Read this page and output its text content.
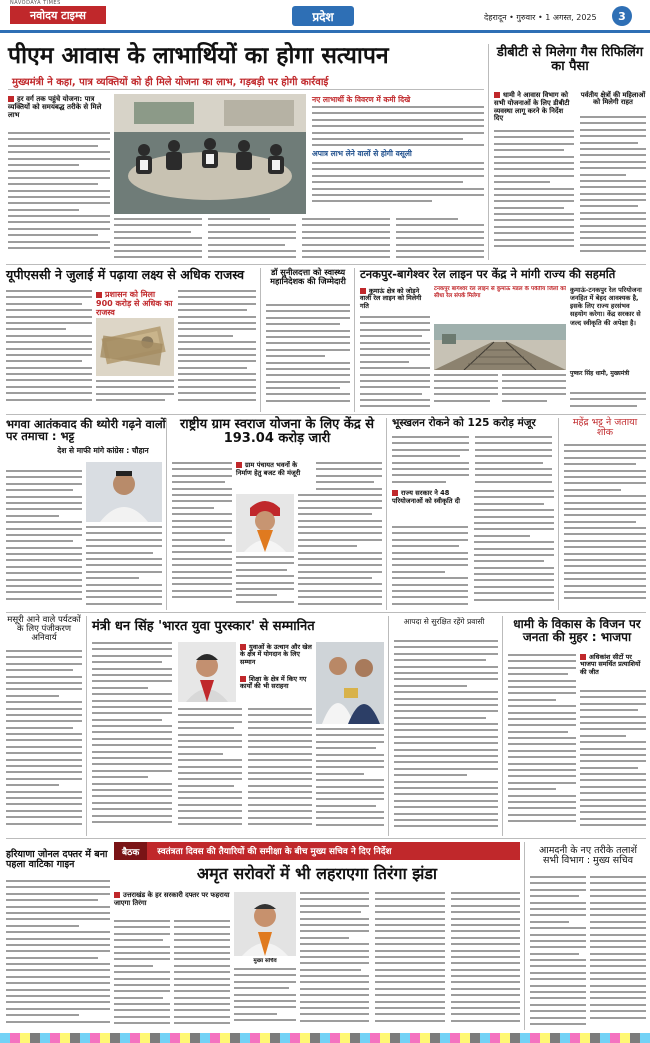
NAVODAYA TIMES
नवोदय टाइम्स	प्रदेश	देहरादून • गुरुवार • 1 अगस्त, 2025	3
पीएम आवास के लाभार्थियों का होगा सत्यापन
मुख्यमंत्री ने कहा, पात्र व्यक्तियों को ही मिले योजना का लाभ, गड़बड़ी पर होगी कार्रवाई
हर वर्ग तक पहुंचे योजना: पात्र व्यक्तियों को समयबद्ध तरीके से मिले लाभ
नए लाभार्थी के विवरण में कमी दिखे
अपात्र लाभ लेने वालों से होगी वसूली
डीबीटी से मिलेगा गैस रिफिलिंग का पैसा
धामी ने आवास विभाग को सभी योजनाओं के लिए डीबीटी व्यवस्था लागू करने के निर्देश दिए
पर्वतीय क्षेत्रों की महिलाओं को मिलेगी राहत
यूपीएससी ने जुलाई में पढ़ाया लक्ष्य से अधिक राजस्व
प्रशासन को मिला 900 करोड़ से अधिक का राजस्व
डॉ सुनीलदत्ता को स्वास्थ्य महानिदेशक की जिम्मेदारी	टनकपुर-बागेश्वर रेल लाइन पर केंद्र ने मांगी राज्य की सहमति
कुमाऊं क्षेत्र को जोड़ने वाली रेल लाइन को मिलेगी गति
टनकपुर बागेश्वर रेल लाइन से कुमाऊं मंडल के पर्वतीय जिलों को सीधा रेल संपर्क मिलेगा
कुमाऊं-टनकपुर रेल परियोजना जनहित में बेहद आवश्यक है, इसके लिए राज्य हरसंभव सहयोग करेगा। केंद्र सरकार से जल्द स्वीकृति की अपेक्षा है।
पुष्कर सिंह धामी, मुख्यमंत्री
भगवा आतंकवाद की थ्योरी गढ़ने वालों पर तमाचा : भट्ट
देश से माफी मांगे कांग्रेस : चौहान
राष्ट्रीय ग्राम स्वराज योजना के लिए केंद्र से 193.04 करोड़ जारी
ग्राम पंचायत भवनों के निर्माण हेतु बजट की मंजूरी
भूस्खलन रोकने को 125 करोड़ मंजूर
राज्य सरकार ने 48 परियोजनाओं को स्वीकृति दी
महेंद्र भट्ट ने जताया शोक
मसूरी आने वाले पर्यटकों के लिए पंजीकरण अनिवार्य
मंत्री धन सिंह 'भारत युवा पुरस्कार' से सम्मानित
युवाओं के उत्थान और खेल के क्षेत्र में योगदान के लिए सम्मान
शिक्षा के क्षेत्र में किए गए कार्यों की भी सराहना
आपदा से सुरक्षित रहेंगे प्रवासी	धामी के विकास के विजन पर जनता की मुहर : भाजपा
अधिकांश सीटों पर भाजपा समर्थित प्रत्याशियों की जीत
हरियाणा जोनल दफ्तर में बना पहला वाटिका गाइन
बैठक	स्वतंत्रता दिवस की तैयारियों की समीक्षा के बीच मुख्य सचिव ने दिए निर्देश
अमृत सरोवरों में भी लहराएगा तिरंगा झंडा
उत्तराखंड के हर सरकारी दफ्तर पर फहराया जाएगा तिरंगा
मुख्य सचिव
आमदनी के नए तरीके तलाशें सभी विभाग : मुख्य सचिव
